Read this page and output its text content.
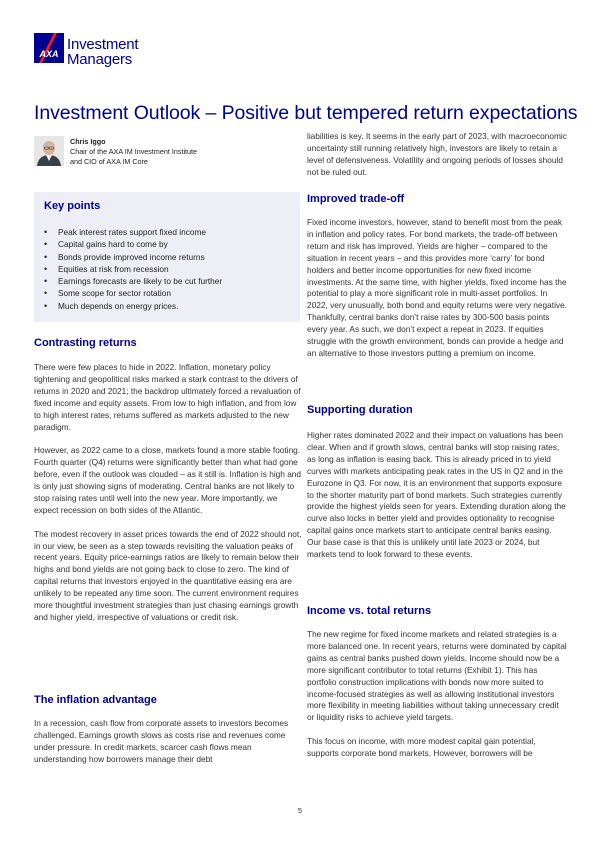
AXA
Investment
Managers
Investment Outlook – Positive but tempered return expectations
Chris Iggo
Chair of the AXA IM Investment Institute
and CIO of AXA IM Core
Key points
• Peak interest rates support fixed income
• Capital gains hard to come by
• Bonds provide improved income returns
• Equities at risk from recession
• Earnings forecasts are likely to be cut further
• Some scope for sector rotation
• Much depends on energy prices.
Contrasting returns
There were few places to hide in 2022. Inflation, monetary policy tightening and geopolitical risks marked a stark contrast to the drivers of returns in 2020 and 2021; the backdrop ultimately forced a revaluation of fixed income and equity assets. From low to high inflation, and from low to high interest rates, returns suffered as markets adjusted to the new paradigm.
However, as 2022 came to a close, markets found a more stable footing. Fourth quarter (Q4) returns were significantly better than what had gone before, even if the outlook was clouded – as it still is. Inflation is high and is only just showing signs of moderating. Central banks are not likely to stop raising rates until well into the new year. More importantly, we expect recession on both sides of the Atlantic.
The modest recovery in asset prices towards the end of 2022 should not, in our view, be seen as a step towards revisiting the valuation peaks of recent years. Equity price-earnings ratios are likely to remain below their highs and bond yields are not going back to close to zero. The kind of capital returns that investors enjoyed in the quantitative easing era are unlikely to be repeated any time soon. The current environment requires more thoughtful investment strategies than just chasing earnings growth and higher yield, irrespective of valuations or credit risk.
The inflation advantage
In a recession, cash flow from corporate assets to investors becomes challenged. Earnings growth slows as costs rise and revenues come under pressure. In credit markets, scarcer cash flows mean understanding how borrowers manage their debt
liabilities is key. It seems in the early part of 2023, with macroeconomic uncertainty still running relatively high, investors are likely to retain a level of defensiveness. Volatility and ongoing periods of losses should not be ruled out.
Improved trade-off
Fixed income investors, however, stand to benefit most from the peak in inflation and policy rates. For bond markets, the trade-off between return and risk has improved. Yields are higher – compared to the situation in recent years – and this provides more ‘carry’ for bond holders and better income opportunities for new fixed income investments. At the same time, with higher yields, fixed income has the potential to play a more significant role in multi-asset portfolios. In 2022, very unusually, both bond and equity returns were very negative. Thankfully, central banks don’t raise rates by 300-500 basis points every year. As such, we don’t expect a repeat in 2023. If equities struggle with the growth environment, bonds can provide a hedge and an alternative to those investors putting a premium on income.
Supporting duration
Higher rates dominated 2022 and their impact on valuations has been clear. When and if growth slows, central banks will stop raising rates, as long as inflation is easing back. This is already priced in to yield curves with markets anticipating peak rates in the US in Q2 and in the Eurozone in Q3. For now, it is an environment that supports exposure to the shorter maturity part of bond markets. Such strategies currently provide the highest yields seen for years. Extending duration along the curve also locks in better yield and provides optionality to recognise capital gains once markets start to anticipate central banks easing. Our base case is that this is unlikely until late 2023 or 2024, but markets tend to look forward to these events.
Income vs. total returns
The new regime for fixed income markets and related strategies is a more balanced one. In recent years, returns were dominated by capital gains as central banks pushed down yields. Income should now be a more significant contributor to total returns (Exhibit 1). This has portfolio construction implications with bonds now more suited to income-focused strategies as well as allowing institutional investors more flexibility in meeting liabilities without taking unnecessary credit or liquidity risks to achieve yield targets.
This focus on income, with more modest capital gain potential, supports corporate bond markets. However, borrowers will be
5
